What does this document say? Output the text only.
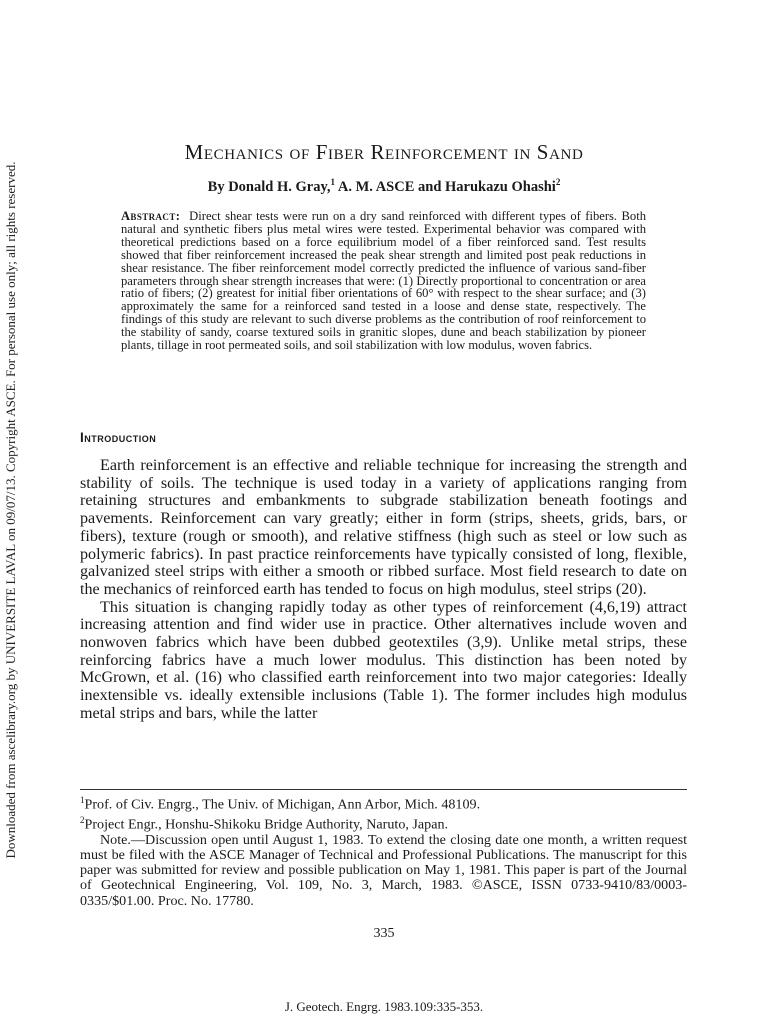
Downloaded from ascelibrary.org by UNIVERSITE LAVAL on 09/07/13. Copyright ASCE. For personal use only; all rights reserved.
Mechanics of Fiber Reinforcement in Sand
By Donald H. Gray,$^1$ A. M. ASCE and Harukazu Ohashi$^2$
Abstract: Direct shear tests were run on a dry sand reinforced with different types of fibers. Both natural and synthetic fibers plus metal wires were tested. Experimental behavior was compared with theoretical predictions based on a force equilibrium model of a fiber reinforced sand. Test results showed that fiber reinforcement increased the peak shear strength and limited post peak reductions in shear resistance. The fiber reinforcement model correctly predicted the influence of various sand-fiber parameters through shear strength increases that were: (1) Directly proportional to concentration or area ratio of fibers; (2) greatest for initial fiber orientations of 60° with respect to the shear surface; and (3) approximately the same for a reinforced sand tested in a loose and dense state, respectively. The findings of this study are relevant to such diverse problems as the contribution of roof reinforcement to the stability of sandy, coarse textured soils in granitic slopes, dune and beach stabilization by pioneer plants, tillage in root permeated soils, and soil stabilization with low modulus, woven fabrics.
Introduction

Earth reinforcement is an effective and reliable technique for increasing the strength and stability of soils. The technique is used today in a variety of applications ranging from retaining structures and embankments to subgrade stabilization beneath footings and pavements. Reinforcement can vary greatly; either in form (strips, sheets, grids, bars, or fibers), texture (rough or smooth), and relative stiffness (high such as steel or low such as polymeric fabrics). In past practice reinforcements have typically consisted of long, flexible, galvanized steel strips with either a smooth or ribbed surface. Most field research to date on the mechanics of reinforced earth has tended to focus on high modulus, steel strips (20).

This situation is changing rapidly today as other types of reinforcement (4,6,19) attract increasing attention and find wider use in practice. Other alternatives include woven and nonwoven fabrics which have been dubbed geotextiles (3,9). Unlike metal strips, these reinforcing fabrics have a much lower modulus. This distinction has been noted by McGrown, et al. (16) who classified earth reinforcement into two major categories: Ideally inextensible vs. ideally extensible inclusions (Table 1). The former includes high modulus metal strips and bars, while the latter

$^1$Prof. of Civ. Engrg., The Univ. of Michigan, Ann Arbor, Mich. 48109.
$^2$Project Engr., Honshu-Shikoku Bridge Authority, Naruto, Japan.

Note.—Discussion open until August 1, 1983. To extend the closing date one month, a written request must be filed with the ASCE Manager of Technical and Professional Publications. The manuscript for this paper was submitted for review and possible publication on May 1, 1981. This paper is part of the Journal of Geotechnical Engineering, Vol. 109, No. 3, March, 1983. ©ASCE, ISSN 0733-9410/83/0003-0335/$01.00. Proc. No. 17780.

335
J. Geotech. Engrg. 1983.109:335-353.
